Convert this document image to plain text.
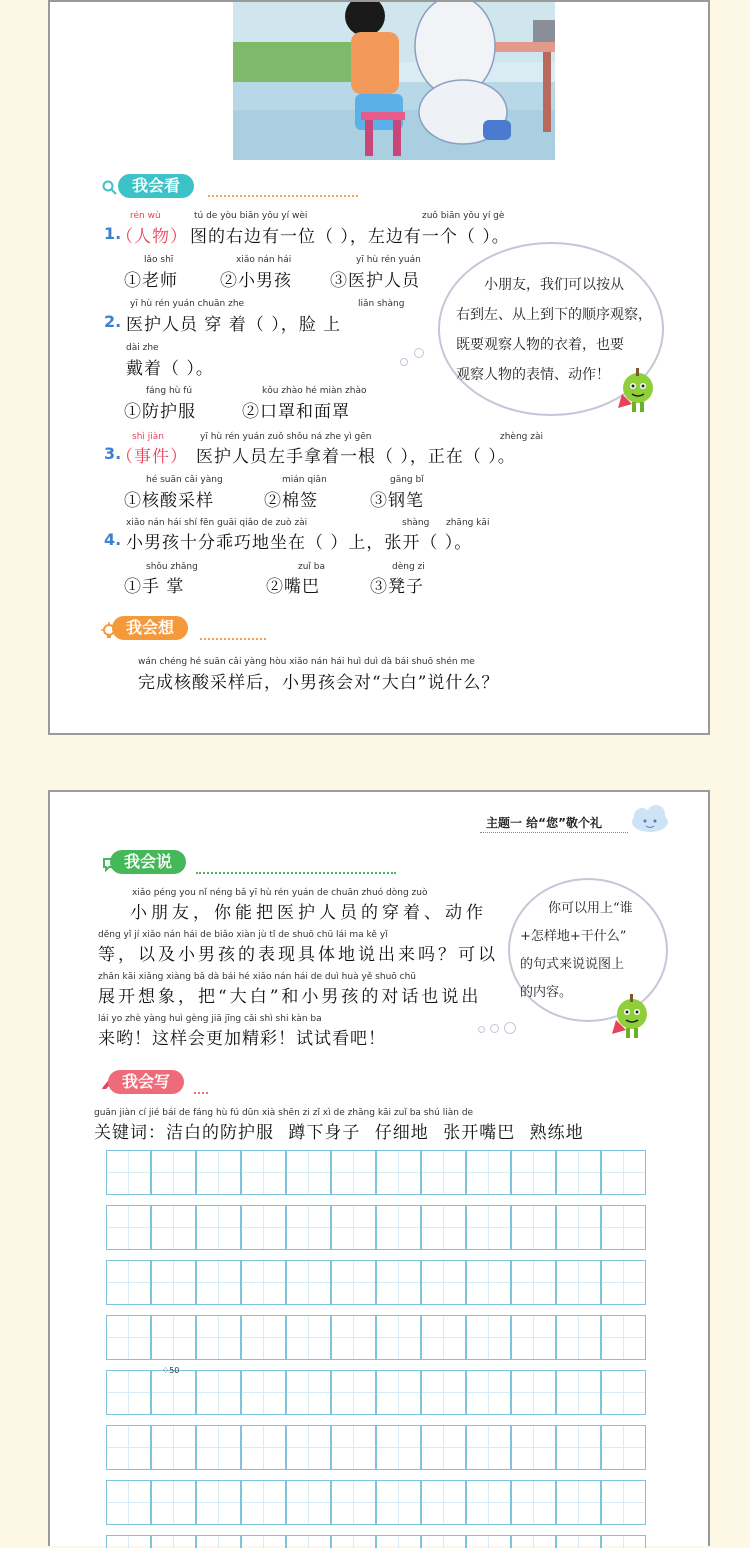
我会看
rén wù	tú de yòu biān yǒu yí wèi	zuǒ biān yǒu yí gè
1.
（人物） 图的右边有一位（ ），左边有一个（ ）。
lǎo shī	xiǎo nán hái	yī hù rén yuán
①老师 ②小男孩 ③医护人员
yī hù rén yuán chuān zhe	liǎn shàng
2. 医护人员 穿 着（ ），脸 上
dài zhe
戴着（ ）。
fáng hù fú	kǒu zhào hé miàn zhào
①防护服	②口罩和面罩
小朋友，我们可以按从
右到左、从上到下的顺序观察，
既要观察人物的衣着，也要
观察人物的表情、动作！
shì jiàn	yī hù rén yuán zuǒ shǒu ná zhe yì gēn	zhèng zài
3.
（事件） 医护人员左手拿着一根（ ），正在（ ）。
hé suān cǎi yàng	mián qiān	gāng bǐ
①核酸采样	②棉签	③钢笔
xiǎo nán hái shí fēn guāi qiǎo de zuò zài	shàng zhāng kāi
4. 小男孩十分乖巧地坐在（ ）上，张开（ ）。
shǒu zhǎng	zuǐ ba	dèng zi
①手 掌	②嘴巴	③凳子
我会想
wán chéng hé suān cǎi yàng hòu xiǎo nán hái huì duì dà bái shuō shén me
完成核酸采样后，小男孩会对“大白”说什么？
主题一 给“您”敬个礼
我会说
xiǎo péng you nǐ néng bǎ yī hù rén yuán de chuān zhuó dòng zuò
小朋友，你能把医护人员的穿着、动作
děng yǐ jí xiǎo nán hái de biǎo xiàn jù tǐ de shuō chū lái ma kě yǐ
等，以及小男孩的表现具体地说出来吗？可以
zhǎn kāi xiǎng xiàng bǎ dà bái hé xiǎo nán hái de duì huà yě shuō chū
展开想象，把“大白”和小男孩的对话也说出
lái yo zhè yàng huì gèng jiā jīng cǎi shì shi kàn ba
来哟！这样会更加精彩！试试看吧！
你可以用上“谁
+怎样地+干什么”
的句式来说说图上
的内容。
我会写
guān jiàn cí jié bái de fáng hù fú dūn xià shēn zi zǐ xì de zhāng kāi zuǐ ba shú liàn de
关键词：洁白的防护服 蹲下身子 仔细地 张开嘴巴 熟练地
♢50
